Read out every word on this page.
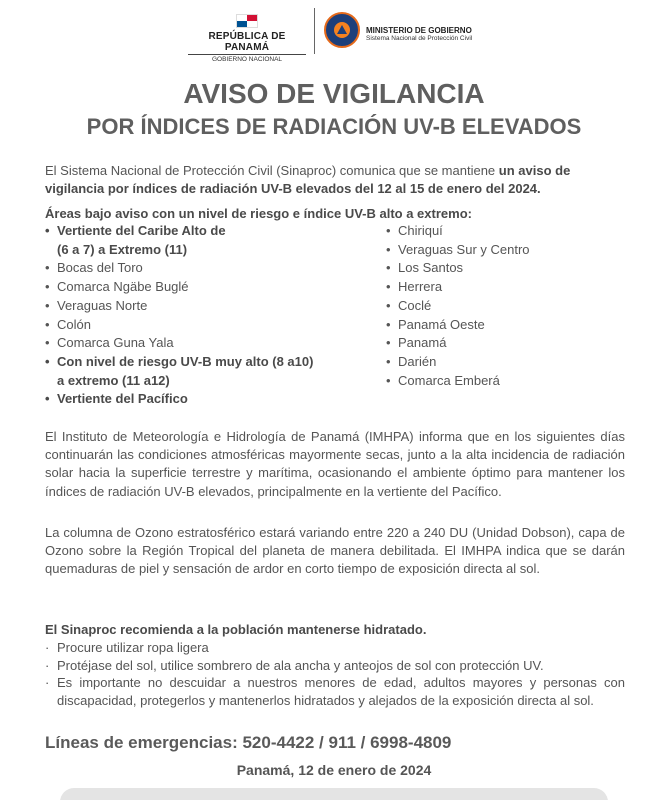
REPÚBLICA DE PANAMÁ
GOBIERNO NACIONAL
MINISTERIO DE GOBIERNO
Sistema Nacional de Protección Civil
AVISO DE VIGILANCIA
POR ÍNDICES DE RADIACIÓN UV-B ELEVADOS
El Sistema Nacional de Protección Civil (Sinaproc) comunica que se mantiene un aviso de vigilancia por índices de radiación UV-B elevados del 12 al 15 de enero del 2024.
Áreas bajo aviso con un nivel de riesgo e índice UV-B alto a extremo:
• Vertiente del Caribe Alto de
(6 a 7) a Extremo (11)
• Bocas del Toro
• Comarca Ngäbe Buglé
• Veraguas Norte
• Colón
• Comarca Guna Yala
• Con nivel de riesgo UV-B muy alto (8 a10)
a extremo (11 a12)
• Vertiente del Pacífico
• Chiriquí
• Veraguas Sur y Centro
• Los Santos
• Herrera
• Coclé
• Panamá Oeste
• Panamá
• Darién
• Comarca Emberá
El Instituto de Meteorología e Hidrología de Panamá (IMHPA) informa que en los siguientes días continuarán las condiciones atmosféricas mayormente secas, junto a la alta incidencia de radiación solar hacia la superficie terrestre y marítima, ocasionando el ambiente óptimo para mantener los índices de radiación UV-B elevados, principalmente en la vertiente del Pacífico.
La columna de Ozono estratosférico estará variando entre 220 a 240 DU (Unidad Dobson), capa de Ozono sobre la Región Tropical del planeta de manera debilitada. El IMHPA indica que se darán quemaduras de piel y sensación de ardor en corto tiempo de exposición directa al sol.
El Sinaproc recomienda a la población mantenerse hidratado.
· Procure utilizar ropa ligera
· Protéjase del sol, utilice sombrero de ala ancha y anteojos de sol con protección UV.
· Es importante no descuidar a nuestros menores de edad, adultos mayores y personas con discapacidad, protegerlos y mantenerlos hidratados y alejados de la exposición directa al sol.
Líneas de emergencias: 520-4422 / 911 / 6998-4809
Panamá, 12 de enero de 2024
